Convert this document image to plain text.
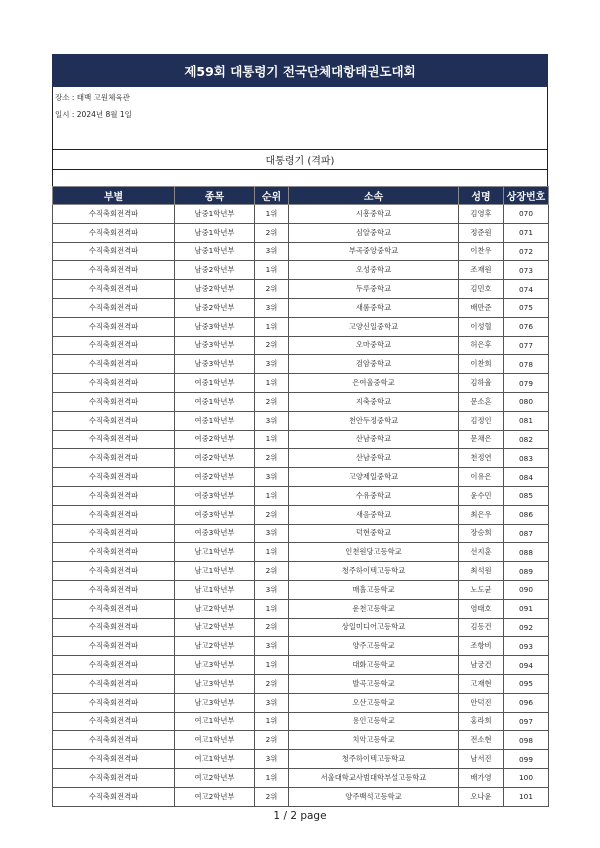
제59회 대통령기 전국단체대항태권도대회
장소 : 태백 고원체육관
일시 : 2024년 8월 1일
대통령기 (격파)
부별	종목	순위	소속	성명	상장번호
수직축회전격파	남중1학년부	1위	시흥중학교	김영후	070
수직축회전격파	남중1학년부	2위	심알중학교	정준원	071
수직축회전격파	남중1학년부	3위	부곡중앙중학교	이찬우	072
수직축회전격파	남중2학년부	1위	오성중학교	조재원	073
수직축회전격파	남중2학년부	2위	두루중학교	김민호	074
수직축회전격파	남중2학년부	3위	새롬중학교	배만준	075
수직축회전격파	남중3학년부	1위	고양신일중학교	이성혈	076
수직축회전격파	남중3학년부	2위	오마중학교	허은후	077
수직축회전격파	남중3학년부	3위	검암중학교	이찬희	078
수직축회전격파	여중1학년부	1위	은여울중학교	김하율	079
수직축회전격파	여중1학년부	2위	지축중학교	문소흔	080
수직축회전격파	여중1학년부	3위	천안두정중학교	김정인	081
수직축회전격파	여중2학년부	1위	산남중학교	문채은	082
수직축회전격파	여중2학년부	2위	산남중학교	천정연	083
수직축회전격파	여중2학년부	3위	고양제일중학교	이유은	084
수직축회전격파	여중3학년부	1위	수유중학교	윤수민	085
수직축회전격파	여중3학년부	2위	새음중학교	최은우	086
수직축회전격파	여중3학년부	3위	덕현중학교	장승희	087
수직축회전격파	남고1학년부	1위	인천원당고등학교	선지훈	088
수직축회전격파	남고1학년부	2위	청주하이텍고등학교	최석원	089
수직축회전격파	남고1학년부	3위	매홀고등학교	노도균	090
수직축회전격파	남고2학년부	1위	운천고등학교	염태호	091
수직축회전격파	남고2학년부	2위	상일미디어고등학교	김동건	092
수직축회전격파	남고2학년부	3위	양주고등학교	조항비	093
수직축회전격파	남고3학년부	1위	대화고등학교	남궁건	094
수직축회전격파	남고3학년부	2위	발곡고등학교	고재현	095
수직축회전격파	남고3학년부	3위	오산고등학교	안덕진	096
수직축회전격파	여고1학년부	1위	용인고등학교	홍라희	097
수직축회전격파	여고1학년부	2위	치악고등학교	전소현	098
수직축회전격파	여고1학년부	3위	청주하이텍고등학교	남서진	099
수직축회전격파	여고2학년부	1위	서울대학교사범대학부설고등학교	배가영	100
수직축회전격파	여고2학년부	2위	양주백석고등학교	오나윤	101
1 / 2 page
